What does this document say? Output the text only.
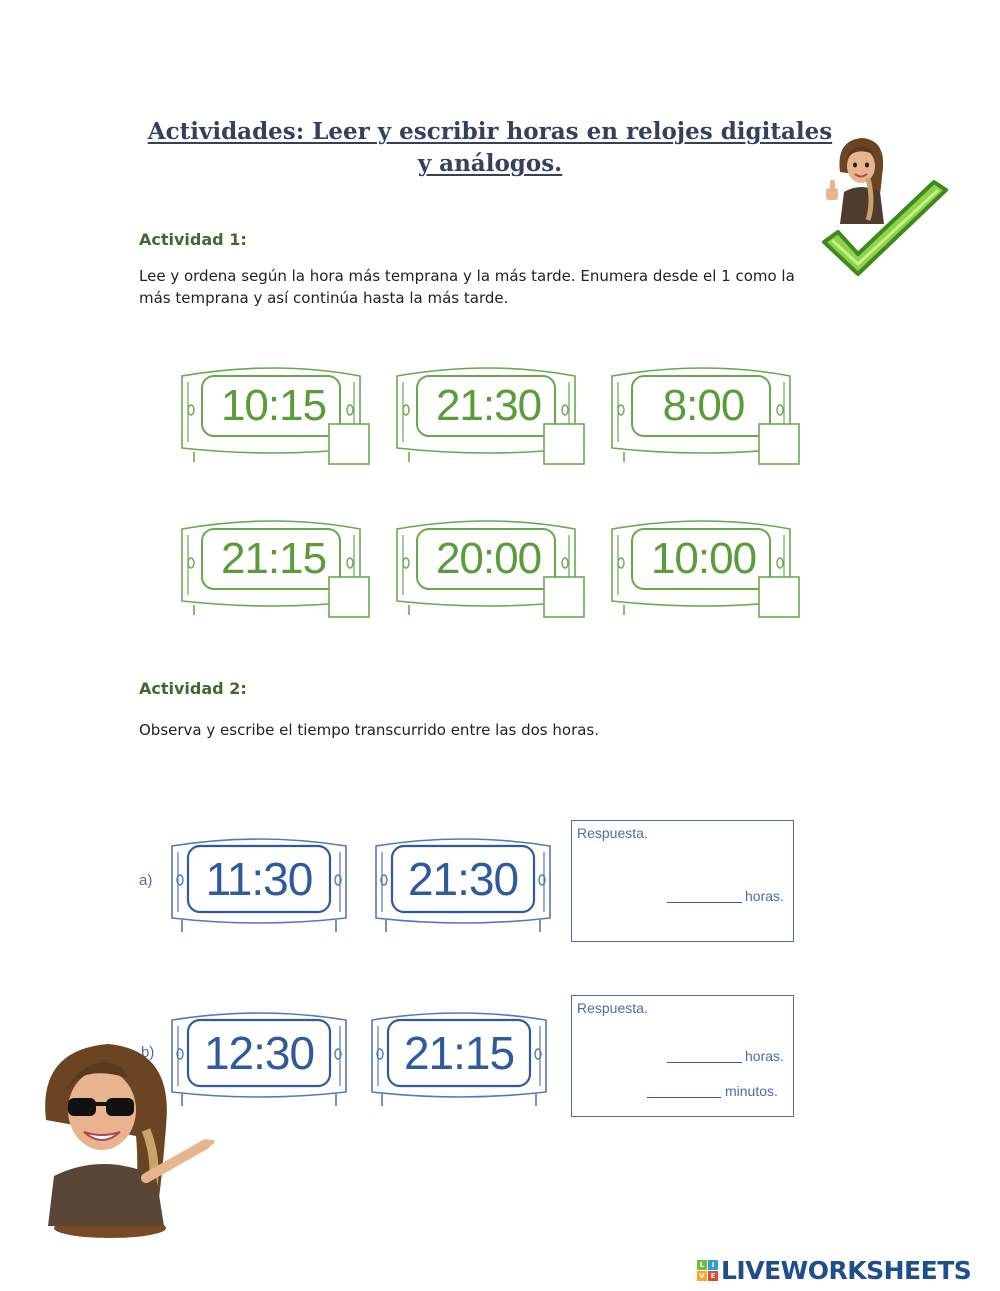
Actividades: Leer y escribir horas en relojes digitales
y análogos.
Actividad 1:
Lee y ordena según la hora más temprana y la más tarde. Enumera desde el 1 como la más temprana y así continúa hasta la más tarde.
10:15	21:30	8:00
21:15	20:00	10:00
Actividad 2:
Observa y escribe el tiempo transcurrido entre las dos horas.
a)	11:30	21:30
Respuesta.
horas.
b)	12:30	21:15
Respuesta.
horas.
minutos.
L	I
V E LIVEWORKSHEETS
